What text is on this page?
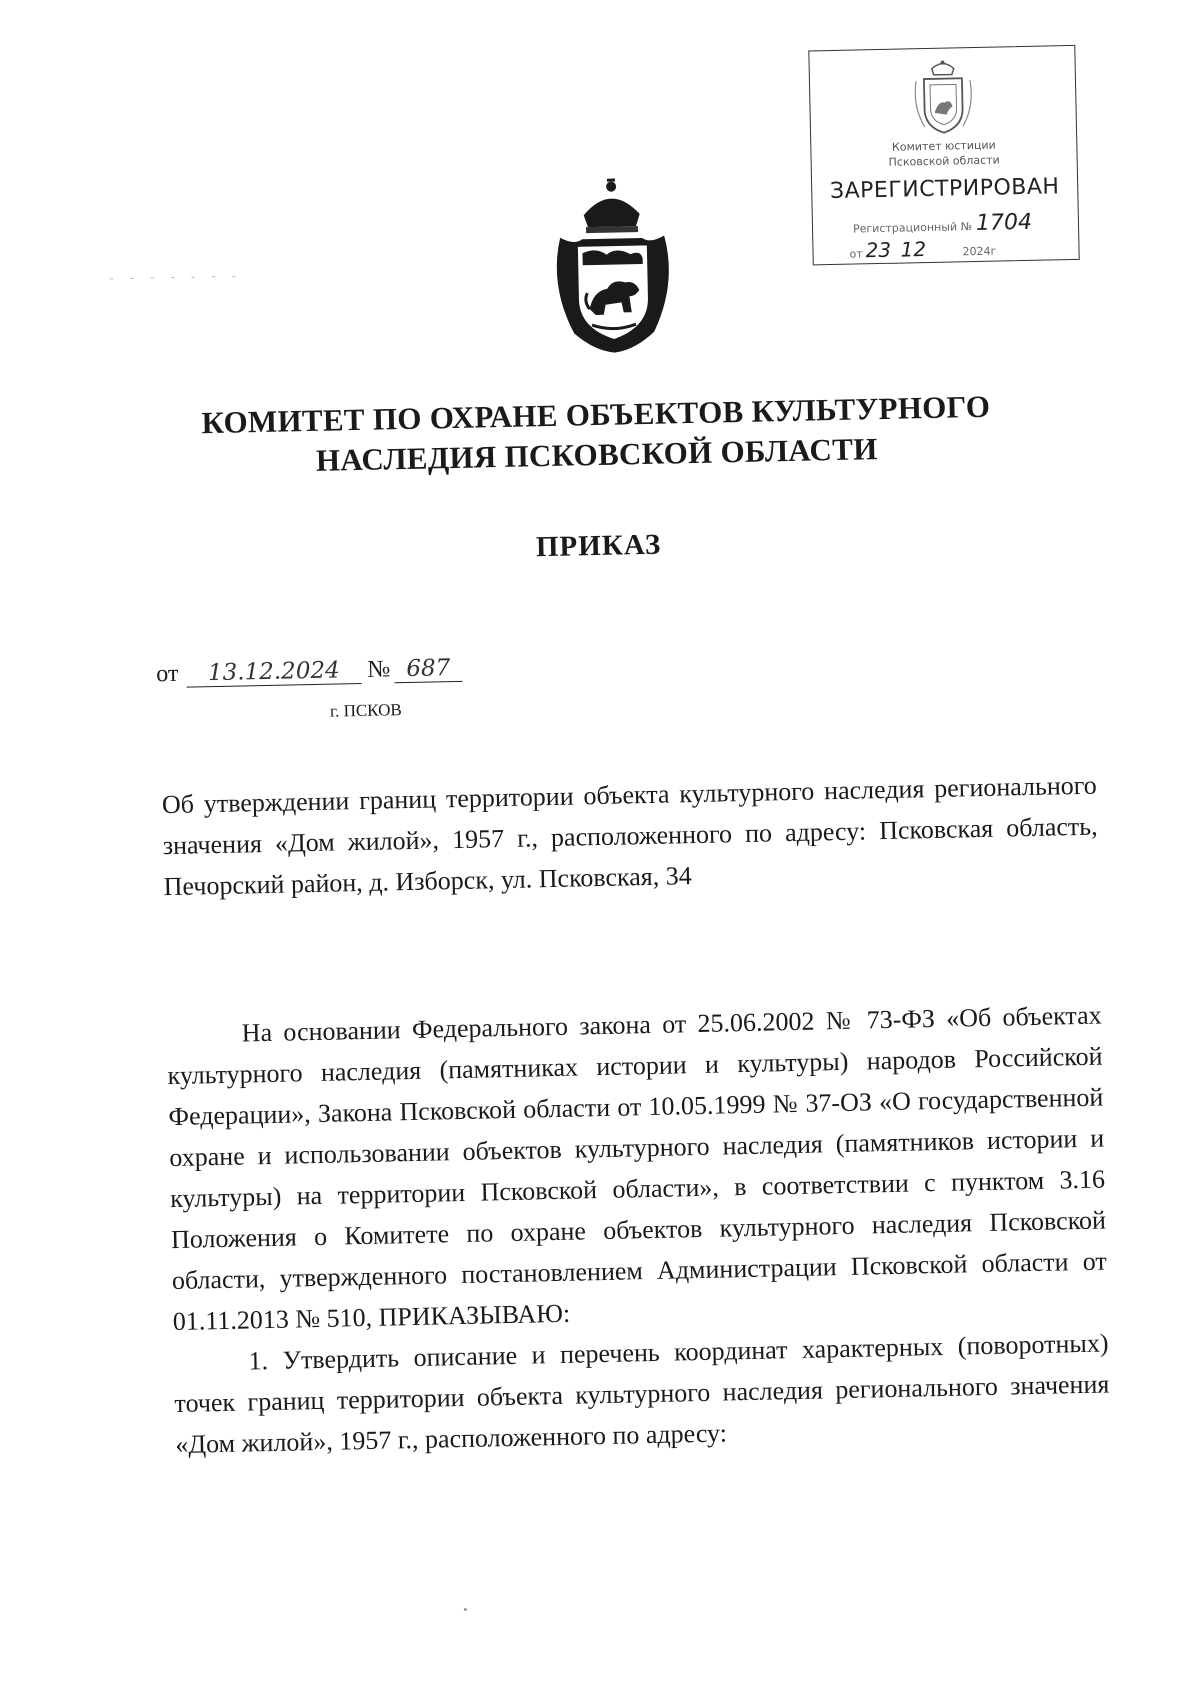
- - - - - - -
Комитет юстиции
Псковской области
ЗАРЕГИСТРИРОВАН
Регистрационный № 1704
от 23 12	2024г
КОМИТЕТ ПО ОХРАНЕ ОБЪЕКТОВ КУЛЬТУРНОГО
НАСЛЕДИЯ ПСКОВСКОЙ ОБЛАСТИ
ПРИКАЗ
от 13.12.2024 № 687
г. ПСКОВ
Об утверждении границ территории объекта культурного наследия регионального значения «Дом жилой», 1957 г., расположенного по адресу: Псковская область, Печорский район, д. Изборск, ул. Псковская, 34

На основании Федерального закона от 25.06.2002 № 73-ФЗ «Об объектах культурного наследия (памятниках истории и культуры) народов Российской Федерации», Закона Псковской области от 10.05.1999 № 37-ОЗ «О государственной охране и использовании объектов культурного наследия (памятников истории и культуры) на территории Псковской области», в соответствии с пунктом 3.16 Положения о Комитете по охране объектов культурного наследия Псковской области, утвержденного постановлением Администрации Псковской области от 01.11.2013 № 510, ПРИКАЗЫВАЮ:

1. Утвердить описание и перечень координат характерных (поворотных) точек границ территории объекта культурного наследия регионального значения «Дом жилой», 1957 г., расположенного по адресу:
